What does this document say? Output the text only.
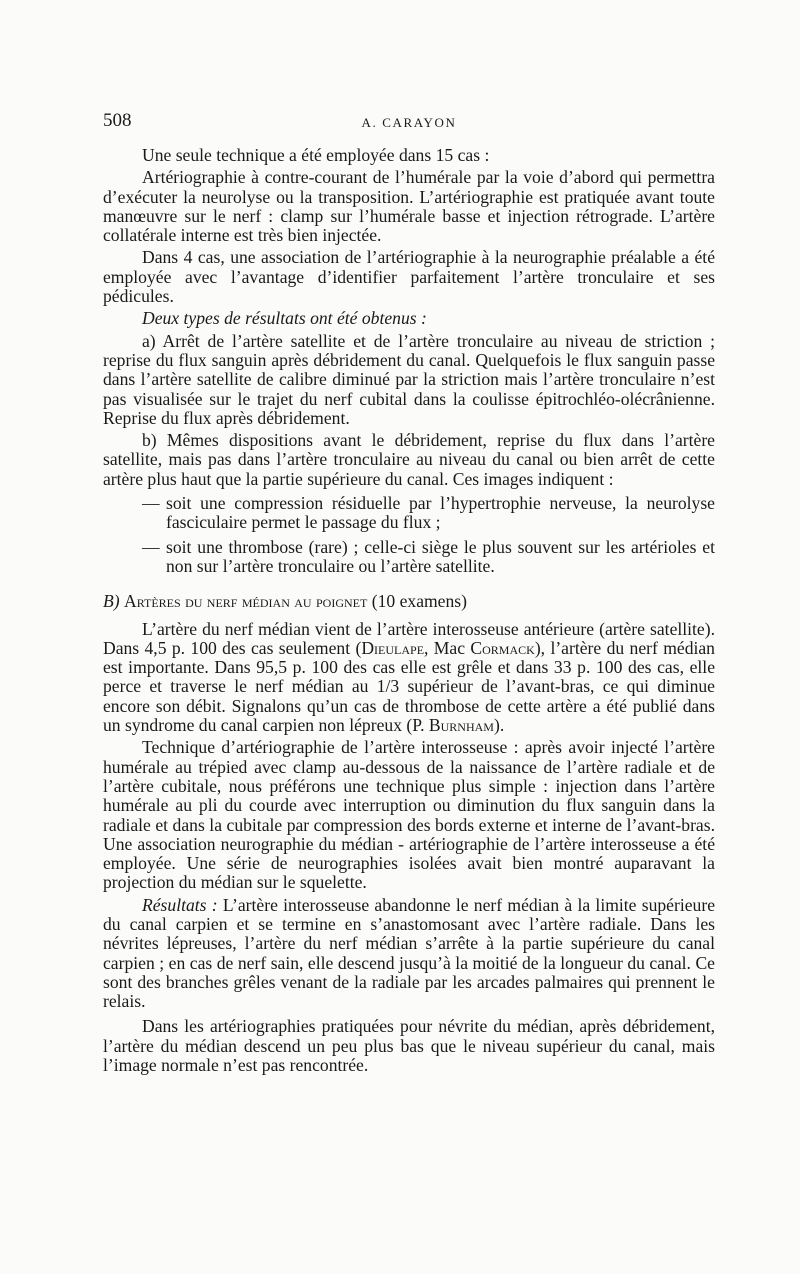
508	A. CARAYON

Une seule technique a été employée dans 15 cas :

Artériographie à contre-courant de l’humérale par la voie d’abord qui permettra d’exécuter la neurolyse ou la transposition. L’artériographie est pratiquée avant toute manœuvre sur le nerf : clamp sur l’humérale basse et injection rétrograde. L’artère collatérale interne est très bien injectée.

Dans 4 cas, une association de l’artériographie à la neurographie préalable a été employée avec l’avantage d’identifier parfaitement l’artère tronculaire et ses pédicules.

Deux types de résultats ont été obtenus :

a) Arrêt de l’artère satellite et de l’artère tronculaire au niveau de striction ; reprise du flux sanguin après débridement du canal. Quelquefois le flux sanguin passe dans l’artère satellite de calibre diminué par la striction mais l’artère tronculaire n’est pas visualisée sur le trajet du nerf cubital dans la coulisse épitrochléo-olécrânienne. Reprise du flux après débridement.

b) Mêmes dispositions avant le débridement, reprise du flux dans l’artère satellite, mais pas dans l’artère tronculaire au niveau du canal ou bien arrêt de cette artère plus haut que la partie supérieure du canal. Ces images indiquent :

— soit une compression résiduelle par l’hypertrophie nerveuse, la neurolyse fasciculaire permet le passage du flux ;
— soit une thrombose (rare) ; celle-ci siège le plus souvent sur les artérioles et non sur l’artère tronculaire ou l’artère satellite.

B) Artères du nerf médian au poignet (10 examens)

L’artère du nerf médian vient de l’artère interosseuse antérieure (artère satellite). Dans 4,5 p. 100 des cas seulement (Dieulape, Mac Cormack), l’artère du nerf médian est importante. Dans 95,5 p. 100 des cas elle est grêle et dans 33 p. 100 des cas, elle perce et traverse le nerf médian au 1/3 supérieur de l’avant-bras, ce qui diminue encore son débit. Signalons qu’un cas de thrombose de cette artère a été publié dans un syndrome du canal carpien non lépreux (P. Burnham).

Technique d’artériographie de l’artère interosseuse : après avoir injecté l’artère humérale au trépied avec clamp au-dessous de la naissance de l’artère radiale et de l’artère cubitale, nous préférons une technique plus simple : injection dans l’artère humérale au pli du courde avec interruption ou diminution du flux sanguin dans la radiale et dans la cubitale par compression des bords externe et interne de l’avant-bras. Une association neurographie du médian - artériographie de l’artère interosseuse a été employée. Une série de neurographies isolées avait bien montré auparavant la projection du médian sur le squelette.

Résultats : L’artère interosseuse abandonne le nerf médian à la limite supérieure du canal carpien et se termine en s’anastomosant avec l’artère radiale. Dans les névrites lépreuses, l’artère du nerf médian s’arrête à la partie supérieure du canal carpien ; en cas de nerf sain, elle descend jusqu’à la moitié de la longueur du canal. Ce sont des branches grêles venant de la radiale par les arcades palmaires qui prennent le relais.

Dans les artériographies pratiquées pour névrite du médian, après débridement, l’artère du médian descend un peu plus bas que le niveau supérieur du canal, mais l’image normale n’est pas rencontrée.
